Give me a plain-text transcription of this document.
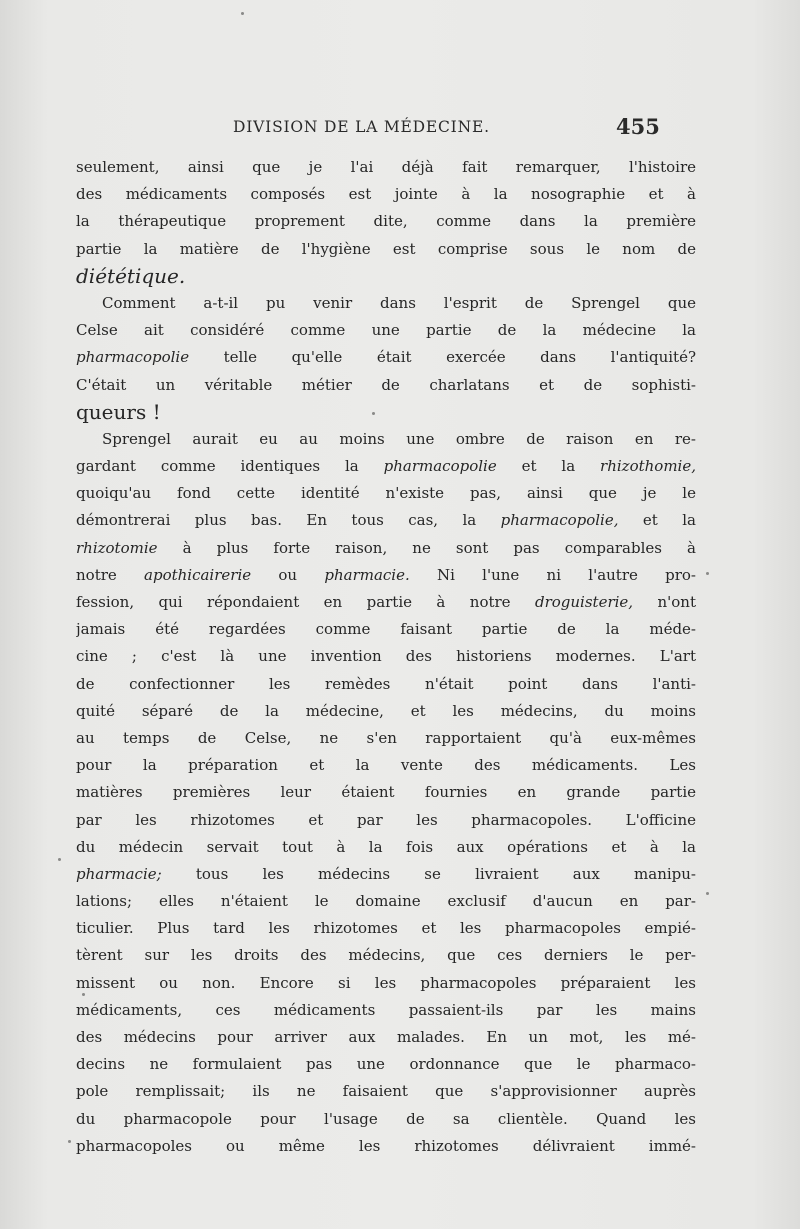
DIVISION DE LA MÉDECINE.	455
seulement, ainsi que je l'ai déjà fait remarquer, l'histoire
des médicaments composés est jointe à la nosographie et à
la thérapeutique proprement dite, comme dans la première
partie la matière de l'hygiène est comprise sous le nom de
diététique.
Comment a-t-il pu venir dans l'esprit de Sprengel que
Celse ait considéré comme une partie de la médecine la
pharmacopolie telle qu'elle était exercée dans l'antiquité?
C'était un véritable métier de charlatans et de sophisti-
queurs !
Sprengel aurait eu au moins une ombre de raison en re-
gardant comme identiques la pharmacopolie et la rhizothomie,
quoiqu'au fond cette identité n'existe pas, ainsi que je le
démontrerai plus bas. En tous cas, la pharmacopolie, et la
rhizotomie à plus forte raison, ne sont pas comparables à
notre apothicairerie ou pharmacie. Ni l'une ni l'autre pro-
fession, qui répondaient en partie à notre droguisterie, n'ont
jamais été regardées comme faisant partie de la méde-
cine ; c'est là une invention des historiens modernes. L'art
de confectionner les remèdes n'était point dans l'anti-
quité séparé de la médecine, et les médecins, du moins
au temps de Celse, ne s'en rapportaient qu'à eux-mêmes
pour la préparation et la vente des médicaments. Les
matières premières leur étaient fournies en grande partie
par les rhizotomes et par les pharmacopoles. L'officine
du médecin servait tout à la fois aux opérations et à la
pharmacie; tous les médecins se livraient aux manipu-
lations; elles n'étaient le domaine exclusif d'aucun en par-
ticulier. Plus tard les rhizotomes et les pharmacopoles empié-
tèrent sur les droits des médecins, que ces derniers le per-
missent ou non. Encore si les pharmacopoles préparaient les
médicaments, ces médicaments passaient-ils par les mains
des médecins pour arriver aux malades. En un mot, les mé-
decins ne formulaient pas une ordonnance que le pharmaco-
pole remplissait; ils ne faisaient que s'approvisionner auprès
du pharmacopole pour l'usage de sa clientèle. Quand les
pharmacopoles ou même les rhizotomes délivraient immé-
